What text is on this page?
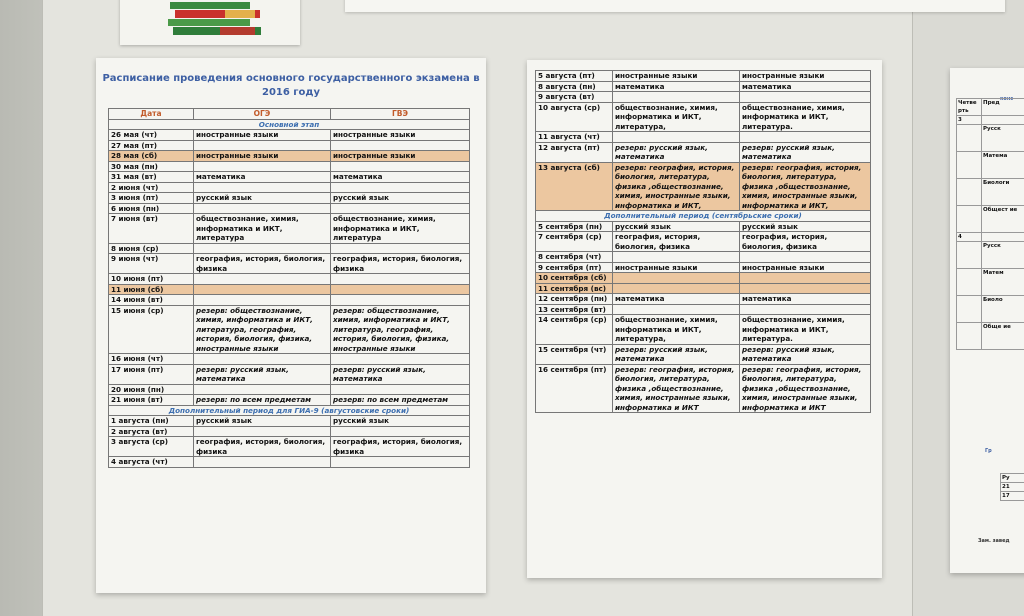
Расписание проведения основного государственного экзамена в 2016 году
Дата	ОГЭ	ГВЭ
Основной этап		
26 мая (чт)	иностранные языки	иностранные языки
27 мая (пт)		
28 мая (сб)	иностранные языки	иностранные языки
30 мая (пн)		
31 мая (вт)	математика	математика
2 июня (чт)		
3 июня (пт)	русский язык	русский язык
6 июня (пн)		
7 июня (вт)	обществознание, химия, информатика и ИКТ, литература	обществознание, химия, информатика и ИКТ, литература
8 июня (ср)		
9 июня (чт)	география, история, биология, физика	география, история, биология, физика
10 июня (пт)		
11 июня (сб)		
14 июня (вт)		
15 июня (ср)	резерв: обществознание, химия, информатика и ИКТ, литература, география, история, биология, физика, иностранные языки	резерв: обществознание, химия, информатика и ИКТ, литература, география, история, биология, физика, иностранные языки
16 июня (чт)		
17 июня (пт)	резерв: русский язык, математика	резерв: русский язык, математика
20 июня (пн)		
21 июня (вт)	резерв: по всем предметам	резерв: по всем предметам
Дополнительный период для ГИА-9 (августовские сроки)		
1 августа (пн)	русский язык	русский язык
2 августа (вт)		
3 августа (ср)	география, история, биология, физика	география, история, биология, физика
4 августа (чт)		
5 августа (пт)	иностранные языки	иностранные языки
8 августа (пн)	математика	математика
9 августа (вт)		
10 августа (ср)	обществознание, химия, информатика и ИКТ, литература,	обществознание, химия, информатика и ИКТ, литература.
11 августа (чт)		
12 августа (пт)	резерв: русский язык, математика	резерв: русский язык, математика
13 августа (сб)	резерв: география, история, биология, литература, физика ,обществознание, химия, иностранные языки, информатика и ИКТ,	резерв: география, история, биология, литература, физика ,обществознание, химия, иностранные языки, информатика и ИКТ,
Дополнительный период (сентябрьские сроки)		
5 сентября (пн)	русский язык	русский язык
7 сентября (ср)	география, история, биология, физика	география, история, биология, физика
8 сентября (чт)		
9 сентября (пт)	иностранные языки	иностранные языки
10 сентября (сб)		
11 сентября (вс)		
12 сентября (пн)	математика	математика
13 сентября (вт)		
14 сентября (ср)	обществознание, химия, информатика и ИКТ, литература,	обществознание, химия, информатика и ИКТ, литература.
15 сентября (чт)	резерв: русский язык, математика	резерв: русский язык, математика
16 сентября (пт)	резерв: география, история, биология, литература, физика ,обществознание, химия, иностранные языки, информатика и ИКТ	резерв: география, история, биология, литература, физика ,обществознание, химия, иностранные языки, информатика и ИКТ
конс
Четве рть	Пред
3	
	Русск
	Матема
	Биологи
	Общест ие
4	
	Русск
	Матем
	Биоло
	Обще ие
Гр
Ру
21
17
Зам. завед
